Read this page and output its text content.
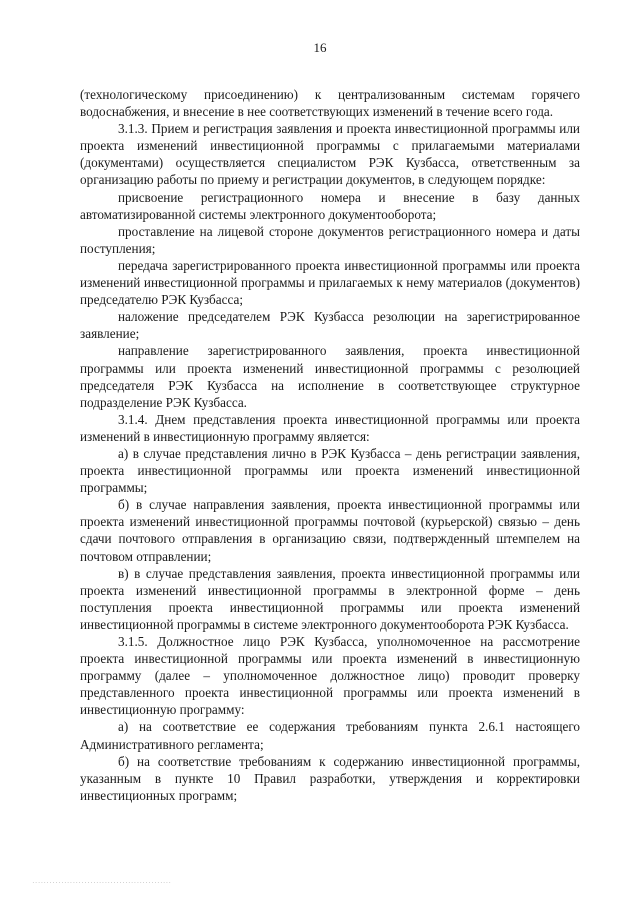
16

(технологическому присоединению) к централизованным системам горячего водоснабжения, и внесение в нее соответствующих изменений в течение всего года.

3.1.3. Прием и регистрация заявления и проекта инвестиционной программы или проекта изменений инвестиционной программы с прилагаемыми материалами (документами) осуществляется специалистом РЭК Кузбасса, ответственным за организацию работы по приему и регистрации документов, в следующем порядке:

присвоение регистрационного номера и внесение в базу данных автоматизированной системы электронного документооборота;

проставление на лицевой стороне документов регистрационного номера и даты поступления;

передача зарегистрированного проекта инвестиционной программы или проекта изменений инвестиционной программы и прилагаемых к нему материалов (документов) председателю РЭК Кузбасса;

наложение председателем РЭК Кузбасса резолюции на зарегистрированное заявление;

направление зарегистрированного заявления, проекта инвестиционной программы или проекта изменений инвестиционной программы с резолюцией председателя РЭК Кузбасса на исполнение в соответствующее структурное подразделение РЭК Кузбасса.

3.1.4. Днем представления проекта инвестиционной программы или проекта изменений в инвестиционную программу является:

а) в случае представления лично в РЭК Кузбасса – день регистрации заявления, проекта инвестиционной программы или проекта изменений инвестиционной программы;

б) в случае направления заявления, проекта инвестиционной программы или проекта изменений инвестиционной программы почтовой (курьерской) связью – день сдачи почтового отправления в организацию связи, подтвержденный штемпелем на почтовом отправлении;

в) в случае представления заявления, проекта инвестиционной программы или проекта изменений инвестиционной программы в электронной форме – день поступления проекта инвестиционной программы или проекта изменений инвестиционной программы в системе электронного документооборота РЭК Кузбасса.

3.1.5. Должностное лицо РЭК Кузбасса, уполномоченное на рассмотрение проекта инвестиционной программы или проекта изменений в инвестиционную программу (далее – уполномоченное должностное лицо) проводит проверку представленного проекта инвестиционной программы или проекта изменений в инвестиционную программу:

а) на соответствие ее содержания требованиям пункта 2.6.1 настоящего Административного регламента;

б) на соответствие требованиям к содержанию инвестиционной программы, указанным в пункте 10 Правил разработки, утверждения и корректировки инвестиционных программ;

................................................
